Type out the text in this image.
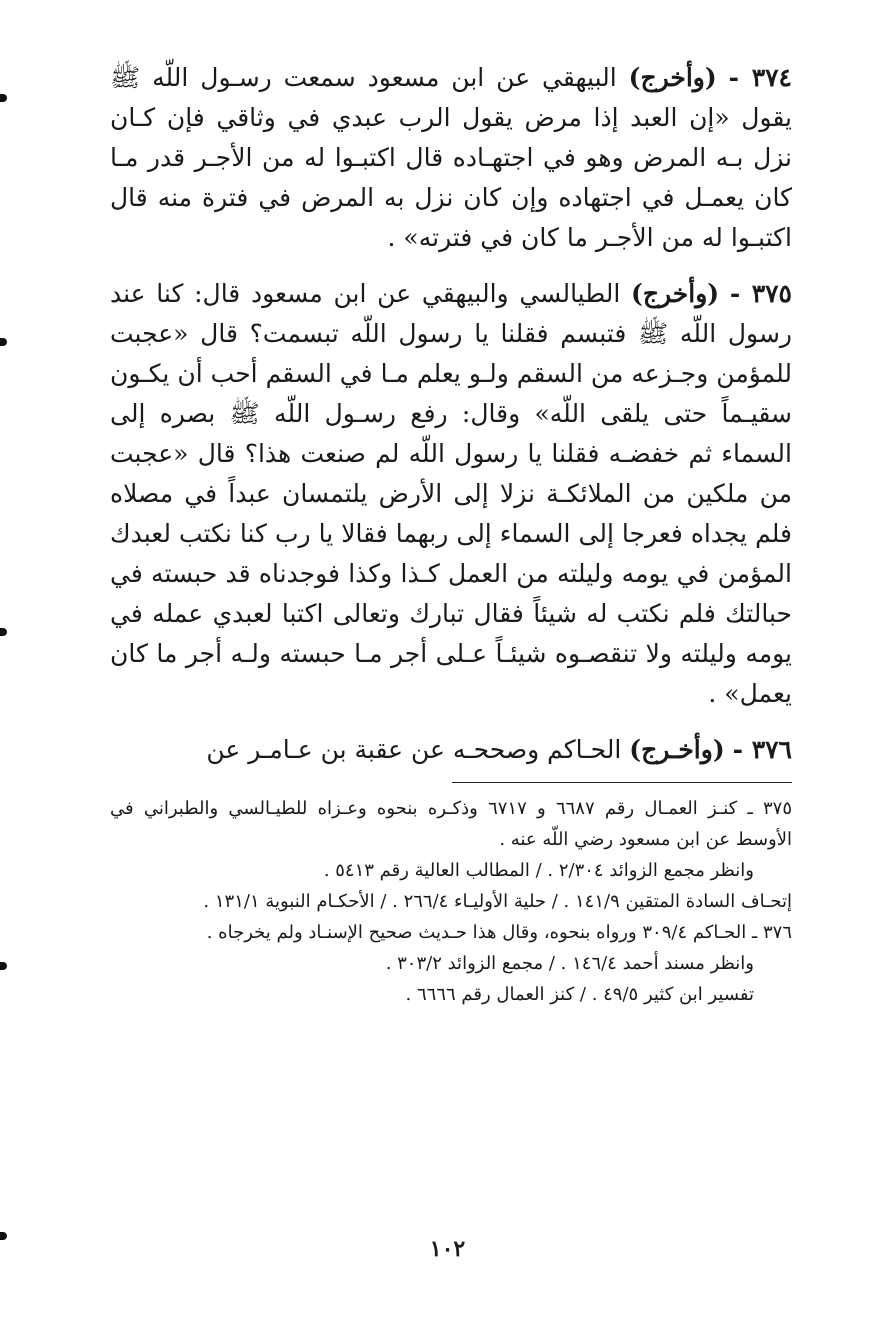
٣٧٤ - (وأخرج) البيهقي عن ابن مسعود سمعت رسـول اللّه ﷺ يقول «إن العبد إذا مرض يقول الرب عبدي في وثاقي فإن كـان نزل بـه المرض وهو في اجتهـاده قال اكتبـوا له من الأجـر قدر مـا كان يعمـل في اجتهاده وإن كان نزل به المرض في فترة منه قال اكتبـوا له من الأجـر ما كان في فترته» .

٣٧٥ - (وأخرج) الطيالسي والبيهقي عن ابن مسعود قال: كنا عند رسول اللّه ﷺ فتبسم فقلنا يا رسول اللّه تبسمت؟ قال «عجبت للمؤمن وجـزعه من السقم ولـو يعلم مـا في السقم أحب أن يكـون سقيـماً حتى يلقى اللّه» وقال: رفع رسـول اللّه ﷺ بصره إلى السماء ثم خفضـه فقلنا يا رسول اللّه لم صنعت هذا؟ قال «عجبت من ملكين من الملائكـة نزلا إلى الأرض يلتمسان عبداً في مصلاه فلم يجداه فعرجا إلى السماء إلى ربهما فقالا يا رب كنا نكتب لعبدك المؤمن في يومه وليلته من العمل كـذا وكذا فوجدناه قد حبسته في حبالتك فلم نكتب له شيئاً فقال تبارك وتعالى اكتبا لعبدي عمله في يومه وليلته ولا تنقصـوه شيئـاً عـلى أجر مـا حبسته ولـه أجر ما كان يعمل» .

٣٧٦ - (وأخـرج) الحـاكم وصححـه عن عقبة بن عـامـر عن

٣٧٥ ـ كنـز العمـال رقم ٦٦٨٧ و ٦٧١٧ وذكـره بنحوه وعـزاه للطيـالسي والطبراني في الأوسط عن ابن مسعود رضي اللّه عنه .

وانظر مجمع الزوائد ٢/٣٠٤ . / المطالب العالية رقم ٥٤١٣ .

إتحـاف السادة المتقين ١٤١/٩ . / حلية الأوليـاء ٢٦٦/٤ . / الأحكـام النبوية ١٣١/١ .

٣٧٦ ـ الحـاكم ٣٠٩/٤ ورواه بنحوه، وقال هذا حـديث صحيح الإسنـاد ولم يخرجاه .

وانظر مسند أحمد ١٤٦/٤ . / مجمع الزوائد ٣٠٣/٢ .

تفسير ابن كثير ٤٩/٥ . / كنز العمال رقم ٦٦٦٦ .

١٠٢
